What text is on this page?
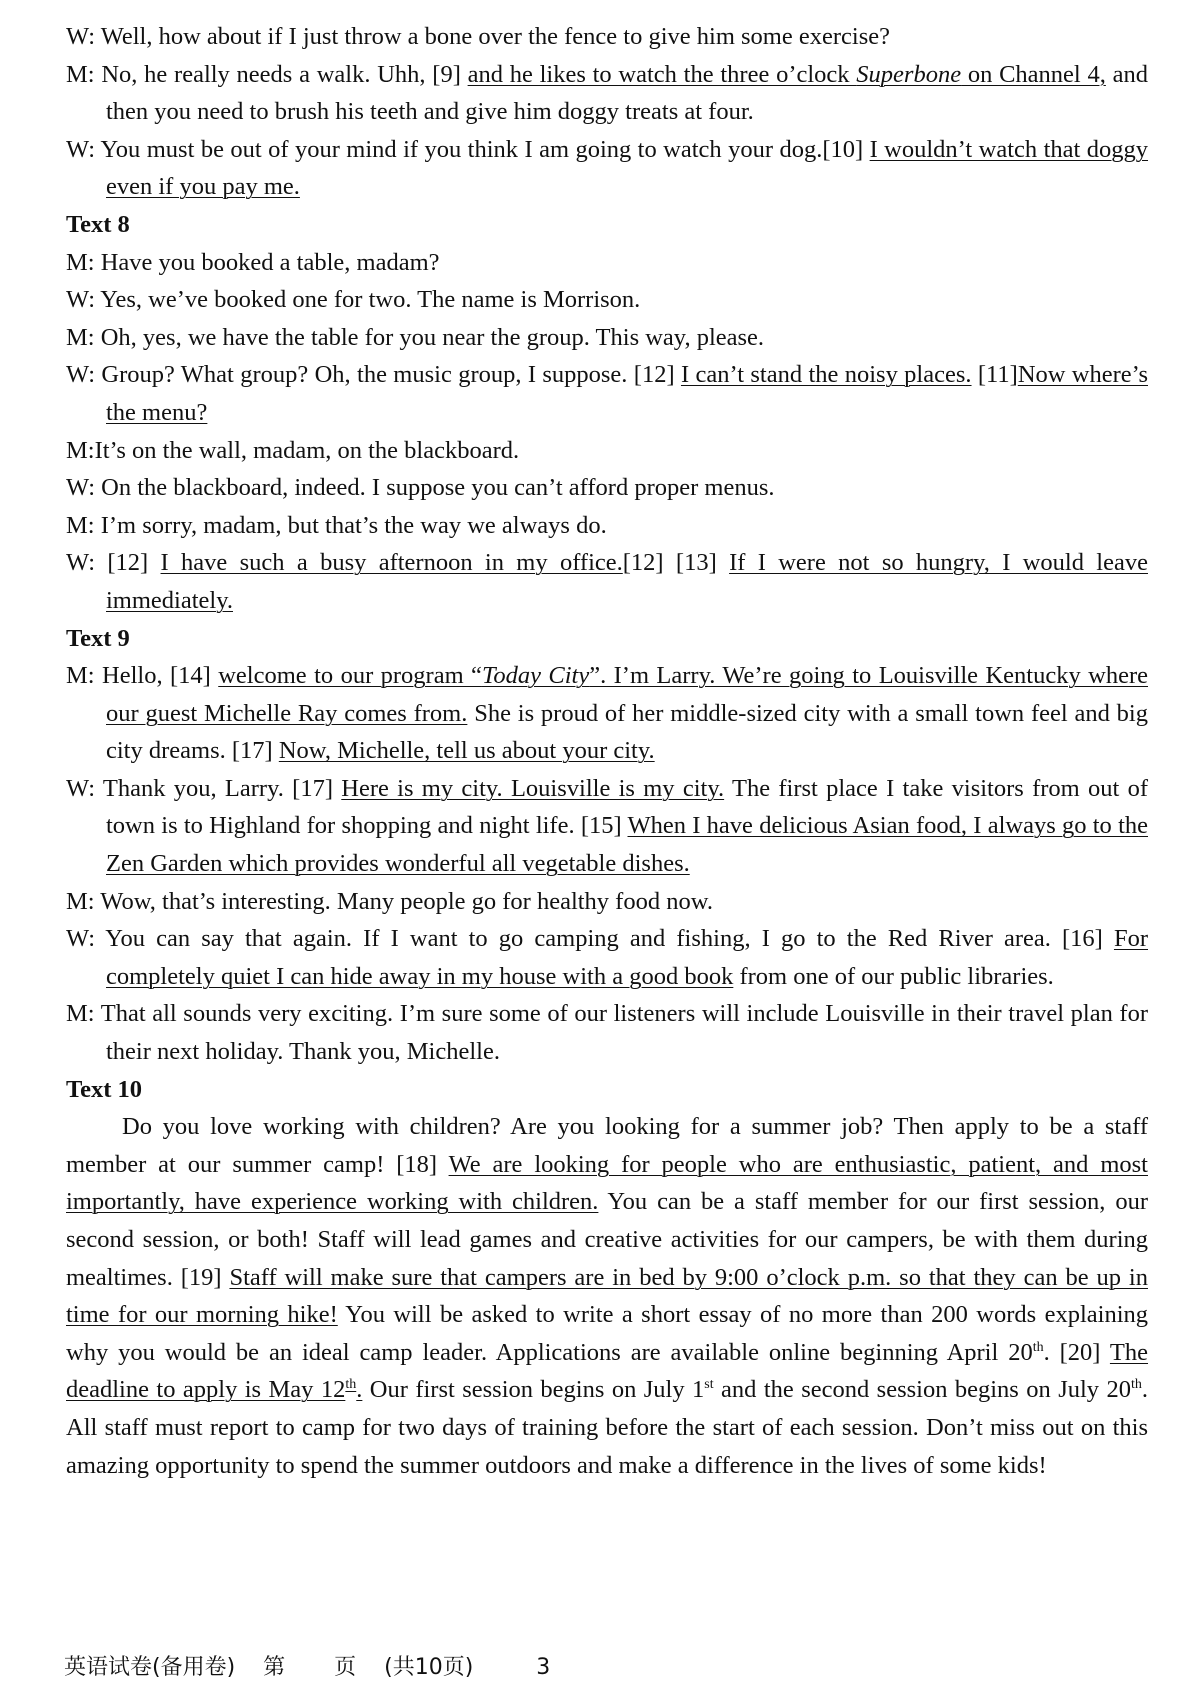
W: Well, how about if I just throw a bone over the fence to give him some exercise?

M: No, he really needs a walk. Uhh, [9] and he likes to watch the three o’clock Superbone on Channel 4, and then you need to brush his teeth and give him doggy treats at four.

W: You must be out of your mind if you think I am going to watch your dog.[10] I wouldn’t watch that doggy even if you pay me.

Text 8

M: Have you booked a table, madam?

W: Yes, we’ve booked one for two. The name is Morrison.

M: Oh, yes, we have the table for you near the group. This way, please.

W: Group? What group? Oh, the music group, I suppose. [12] I can’t stand the noisy places. [11]Now where’s the menu?

M:It’s on the wall, madam, on the blackboard.

W: On the blackboard, indeed. I suppose you can’t afford proper menus.

M: I’m sorry, madam, but that’s the way we always do.

W: [12] I have such a busy afternoon in my office.[12] [13] If I were not so hungry, I would leave immediately.

Text 9

M: Hello, [14] welcome to our program “Today City”. I’m Larry. We’re going to Louisville Kentucky where our guest Michelle Ray comes from. She is proud of her middle-sized city with a small town feel and big city dreams. [17] Now, Michelle, tell us about your city.

W: Thank you, Larry. [17] Here is my city. Louisville is my city. The first place I take visitors from out of town is to Highland for shopping and night life. [15] When I have delicious Asian food, I always go to the Zen Garden which provides wonderful all vegetable dishes.

M: Wow, that’s interesting. Many people go for healthy food now.

W: You can say that again. If I want to go camping and fishing, I go to the Red River area. [16] For completely quiet I can hide away in my house with a good book from one of our public libraries.

M: That all sounds very exciting. I’m sure some of our listeners will include Louisville in their travel plan for their next holiday. Thank you, Michelle.

Text 10

Do you love working with children? Are you looking for a summer job? Then apply to be a staff member at our summer camp! [18] We are looking for people who are enthusiastic, patient, and most importantly, have experience working with children. You can be a staff member for our first session, our second session, or both! Staff will lead games and creative activities for our campers, be with them during mealtimes. [19] Staff will make sure that campers are in bed by 9:00 o’clock p.m. so that they can be up in time for our morning hike! You will be asked to write a short essay of no more than 200 words explaining why you would be an ideal camp leader. Applications are available online beginning April 20th. [20] The deadline to apply is May 12th. Our first session begins on July 1st and the second session begins on July 20th. All staff must report to camp for two days of training before the start of each session. Don’t miss out on this amazing opportunity to spend the summer outdoors and make a difference in the lives of some kids!

英语试卷(备用卷) 第 页 (共10页)	3
